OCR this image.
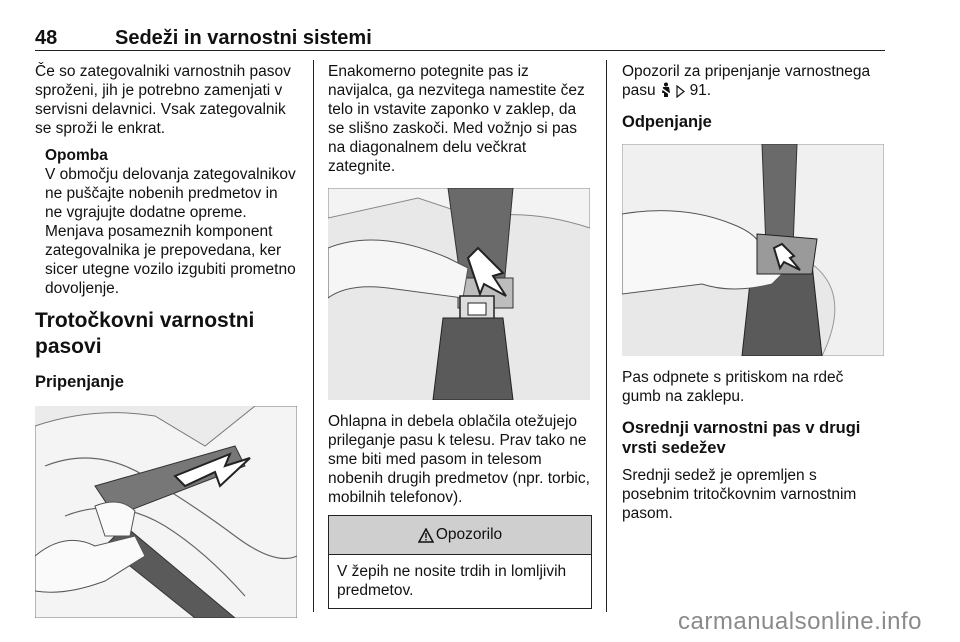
48	Sedeži in varnostni sistemi

Če so zategovalniki varnostnih pasov sproženi, jih je potrebno zamenjati v servisni delavnici. Vsak zategovalnik se sproži le enkrat.

Opomba

V območju delovanja zategovalnikov ne puščajte nobenih predmetov in ne vgrajujte dodatne opreme. Menjava posameznih komponent zategovalnika je prepovedana, ker sicer utegne vozilo izgubiti prometno dovoljenje.

Trotočkovni varnostni
pasovi
Pripenjanje

Enakomerno potegnite pas iz navijalca, ga nezvitega namestite čez telo in vstavite zaponko v zaklep, da se slišno zaskoči. Med vožnjo si pas na diagonalnem delu večkrat zategnite.

Ohlapna in debela oblačila otežujejo prileganje pasu k telesu. Prav tako ne sme biti med pasom in telesom nobenih drugih predmetov (npr. torbic, mobilnih telefonov).

Opozorilo
V žepih ne nosite trdih in lomljivih predmetov.

Opozoril za pripenjanje varnostnega
pasu 91.

Odpenjanje

Pas odpnete s pritiskom na rdeč gumb na zaklepu.

Osrednji varnostni pas v drugi
vrsti sedežev

Srednji sedež je opremljen s posebnim tritočkovnim varnostnim pasom.

carmanualsonline.info
